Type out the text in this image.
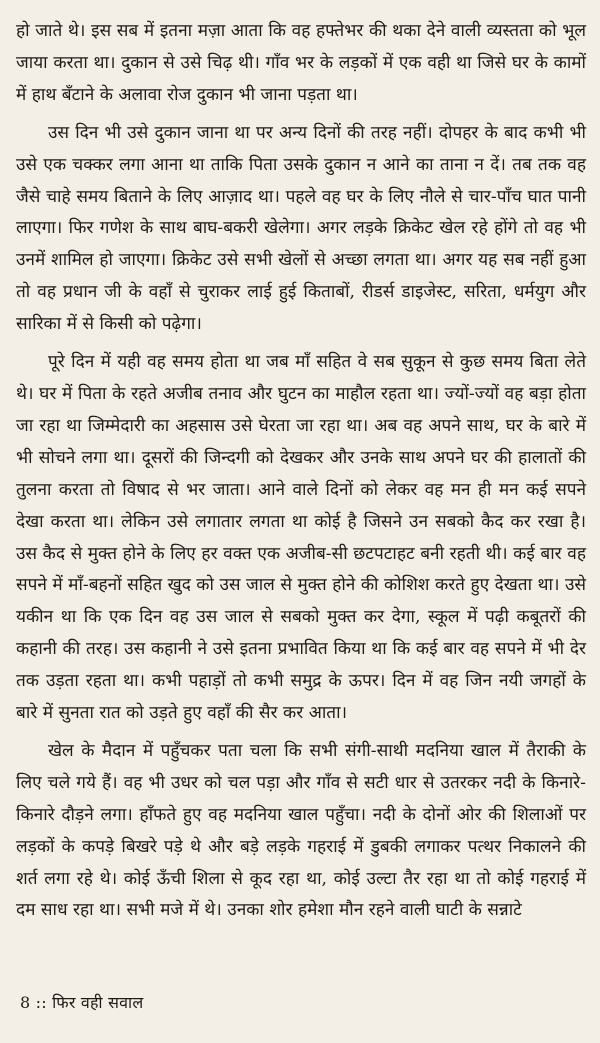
हो जाते थे। इस सब में इतना मज़ा आता कि वह हफ्तेभर की थका देने वाली व्यस्तता को भूल जाया करता था। दुकान से उसे चिढ़ थी। गाँव भर के लड़कों में एक वही था जिसे घर के कामों में हाथ बँटाने के अलावा रोज दुकान भी जाना पड़ता था।

उस दिन भी उसे दुकान जाना था पर अन्य दिनों की तरह नहीं। दोपहर के बाद कभी भी उसे एक चक्कर लगा आना था ताकि पिता उसके दुकान न आने का ताना न दें। तब तक वह जैसे चाहे समय बिताने के लिए आज़ाद था। पहले वह घर के लिए नौले से चार-पाँच घात पानी लाएगा। फिर गणेश के साथ बाघ-बकरी खेलेगा। अगर लड़के क्रिकेट खेल रहे होंगे तो वह भी उनमें शामिल हो जाएगा। क्रिकेट उसे सभी खेलों से अच्छा लगता था। अगर यह सब नहीं हुआ तो वह प्रधान जी के वहाँ से चुराकर लाई हुई किताबों, रीडर्स डाइजेस्ट, सरिता, धर्मयुग और सारिका में से किसी को पढ़ेगा।

पूरे दिन में यही वह समय होता था जब माँ सहित वे सब सुकून से कुछ समय बिता लेते थे। घर में पिता के रहते अजीब तनाव और घुटन का माहौल रहता था। ज्यों-ज्यों वह बड़ा होता जा रहा था जिम्मेदारी का अहसास उसे घेरता जा रहा था। अब वह अपने साथ, घर के बारे में भी सोचने लगा था। दूसरों की जिन्दगी को देखकर और उनके साथ अपने घर की हालातों की तुलना करता तो विषाद से भर जाता। आने वाले दिनों को लेकर वह मन ही मन कई सपने देखा करता था। लेकिन उसे लगातार लगता था कोई है जिसने उन सबको कैद कर रखा है। उस कैद से मुक्त होने के लिए हर वक्त एक अजीब-सी छटपटाहट बनी रहती थी। कई बार वह सपने में माँ-बहनों सहित खुद को उस जाल से मुक्त होने की कोशिश करते हुए देखता था। उसे यकीन था कि एक दिन वह उस जाल से सबको मुक्त कर देगा, स्कूल में पढ़ी कबूतरों की कहानी की तरह। उस कहानी ने उसे इतना प्रभावित किया था कि कई बार वह सपने में भी देर तक उड़ता रहता था। कभी पहाड़ों तो कभी समुद्र के ऊपर। दिन में वह जिन नयी जगहों के बारे में सुनता रात को उड़ते हुए वहाँ की सैर कर आता।

खेल के मैदान में पहुँचकर पता चला कि सभी संगी-साथी मदनिया खाल में तैराकी के लिए चले गये हैं। वह भी उधर को चल पड़ा और गाँव से सटी धार से उतरकर नदी के किनारे-किनारे दौड़ने लगा। हाँफते हुए वह मदनिया खाल पहुँचा। नदी के दोनों ओर की शिलाओं पर लड़कों के कपड़े बिखरे पड़े थे और बड़े लड़के गहराई में डुबकी लगाकर पत्थर निकालने की शर्त लगा रहे थे। कोई ऊँची शिला से कूद रहा था, कोई उल्टा तैर रहा था तो कोई गहराई में दम साध रहा था। सभी मजे में थे। उनका शोर हमेशा मौन रहने वाली घाटी के सन्नाटे

8 :: फिर वही सवाल
